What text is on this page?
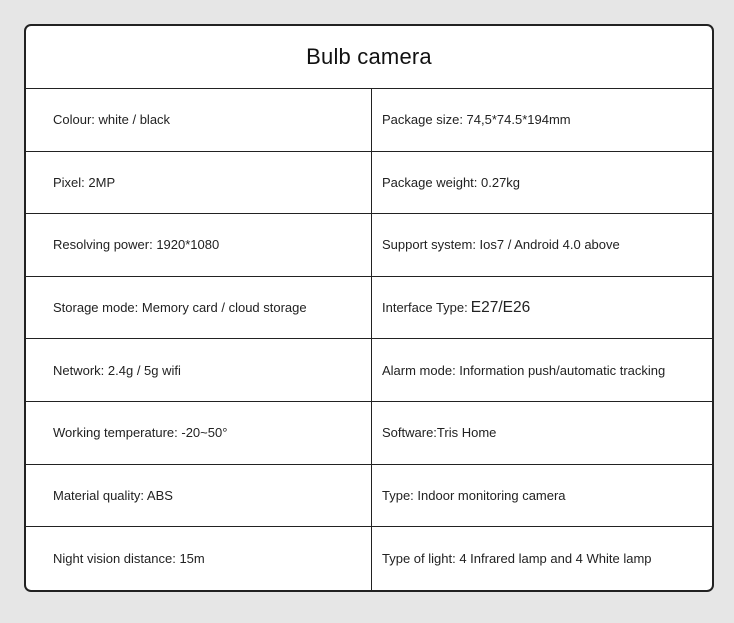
Bulb camera
Colour: white / black	Package size: 74,5*74.5*194mm
Pixel: 2MP	Package weight: 0.27kg
Resolving power: 1920*1080	Support system: Ios7 / Android 4.0 above
Storage mode: Memory card / cloud storage	Interface Type: E27/E26
Network: 2.4g / 5g wifi	Alarm mode: Information push/automatic tracking
Working temperature: -20~50°	Software:Tris Home
Material quality: ABS	Type: Indoor monitoring camera
Night vision distance: 15m	Type of light: 4 Infrared lamp and 4 White lamp
